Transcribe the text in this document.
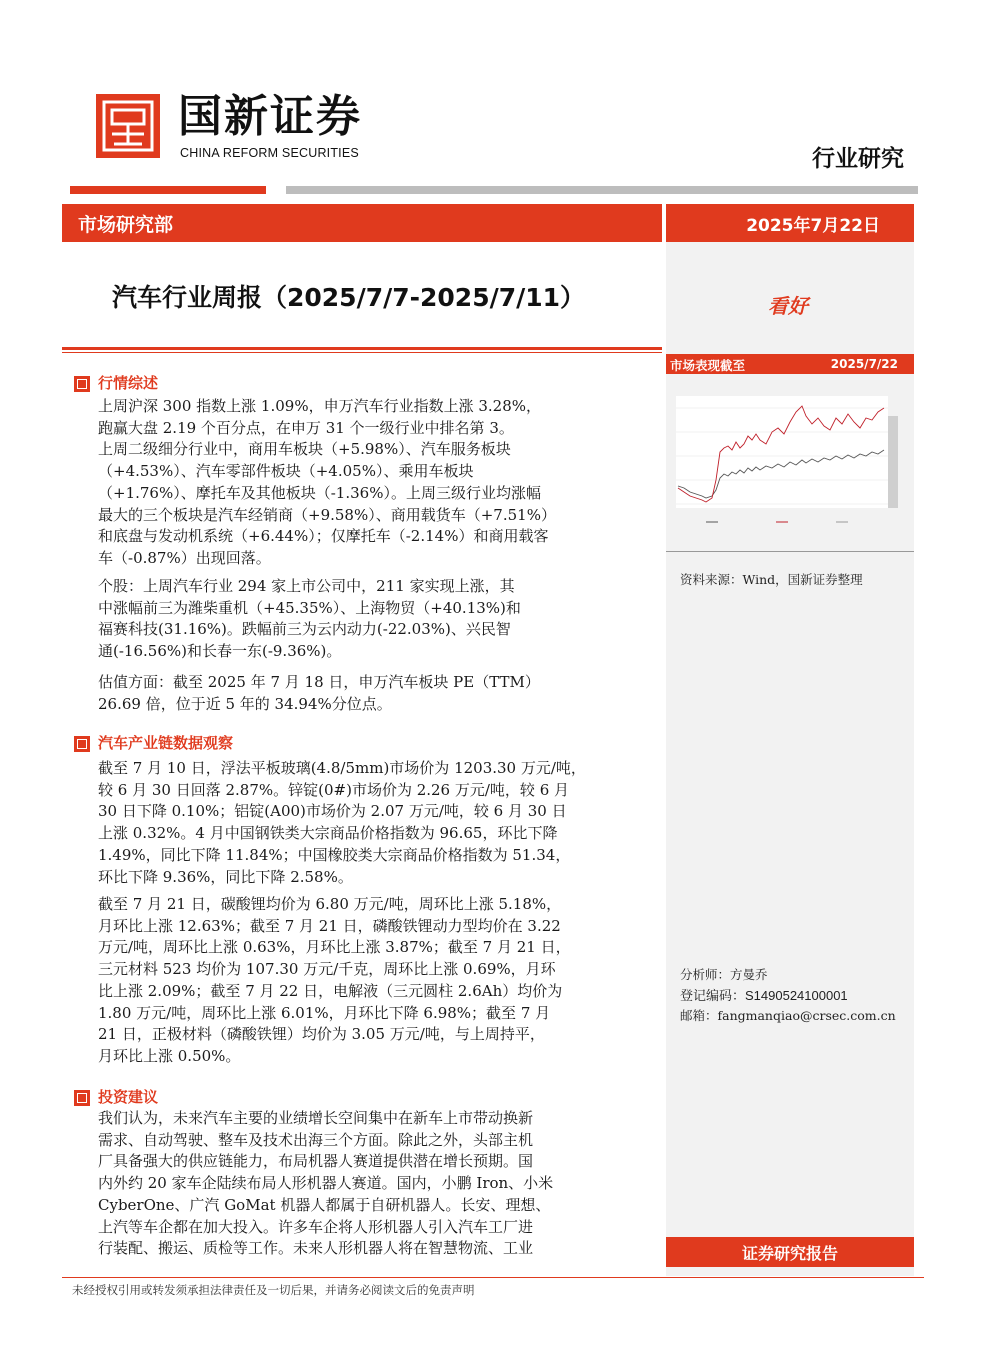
国新证券
CHINA REFORM SECURITIES	行业研究
市场研究部	2025年7月22日
汽车行业周报（2025/7/7-2025/7/11）	看好
市场表现截至	2025/7/22
资料来源：Wind，国新证券整理
分析师：方曼乔
登记编码：S1490524100001
邮箱：fangmanqiao@crsec.com.cn
行情综述
上周沪深 300 指数上涨 1.09%，申万汽车行业指数上涨 3.28%，
跑赢大盘 2.19 个百分点，在申万 31 个一级行业中排名第 3。
上周二级细分行业中，商用车板块（+5.98%）、汽车服务板块
（+4.53%）、汽车零部件板块（+4.05%）、乘用车板块
（+1.76%）、摩托车及其他板块（-1.36%）。上周三级行业均涨幅
最大的三个板块是汽车经销商（+9.58%）、商用载货车（+7.51%）
和底盘与发动机系统（+6.44%）；仅摩托车（-2.14%）和商用载客
车（-0.87%）出现回落。
个股：上周汽车行业 294 家上市公司中，211 家实现上涨，其
中涨幅前三为潍柴重机（+45.35%）、上海物贸（+40.13%)和
福赛科技(31.16%)。跌幅前三为云内动力(-22.03%)、兴民智
通(-16.56%)和长春一东(-9.36%)。
估值方面：截至 2025 年 7 月 18 日，申万汽车板块 PE（TTM）
26.69 倍，位于近 5 年的 34.94%分位点。
汽车产业链数据观察
截至 7 月 10 日，浮法平板玻璃(4.8/5mm)市场价为 1203.30 万元/吨，
较 6 月 30 日回落 2.87%。锌锭(0#)市场价为 2.26 万元/吨，较 6 月
30 日下降 0.10%；铝锭(A00)市场价为 2.07 万元/吨，较 6 月 30 日
上涨 0.32%。4 月中国钢铁类大宗商品价格指数为 96.65，环比下降
1.49%，同比下降 11.84%；中国橡胶类大宗商品价格指数为 51.34，
环比下降 9.36%，同比下降 2.58%。
截至 7 月 21 日，碳酸锂均价为 6.80 万元/吨，周环比上涨 5.18%，
月环比上涨 12.63%；截至 7 月 21 日，磷酸铁锂动力型均价在 3.22
万元/吨，周环比上涨 0.63%，月环比上涨 3.87%；截至 7 月 21 日，
三元材料 523 均价为 107.30 万元/千克，周环比上涨 0.69%，月环
比上涨 2.09%；截至 7 月 22 日，电解液（三元圆柱 2.6Ah）均价为
1.80 万元/吨，周环比上涨 6.01%，月环比下降 6.98%；截至 7 月
21 日，正极材料（磷酸铁锂）均价为 3.05 万元/吨，与上周持平，
月环比上涨 0.50%。
投资建议
我们认为，未来汽车主要的业绩增长空间集中在新车上市带动换新
需求、自动驾驶、整车及技术出海三个方面。除此之外，头部主机
厂具备强大的供应链能力，布局机器人赛道提供潜在增长预期。国
内外约 20 家车企陆续布局人形机器人赛道。国内，小鹏 Iron、小米
CyberOne、广汽 GoMat 机器人都属于自研机器人。长安、理想、
上汽等车企都在加大投入。许多车企将人形机器人引入汽车工厂进
行装配、搬运、质检等工作。未来人形机器人将在智慧物流、工业	证券研究报告
未经授权引用或转发须承担法律责任及一切后果，并请务必阅读文后的免责声明
